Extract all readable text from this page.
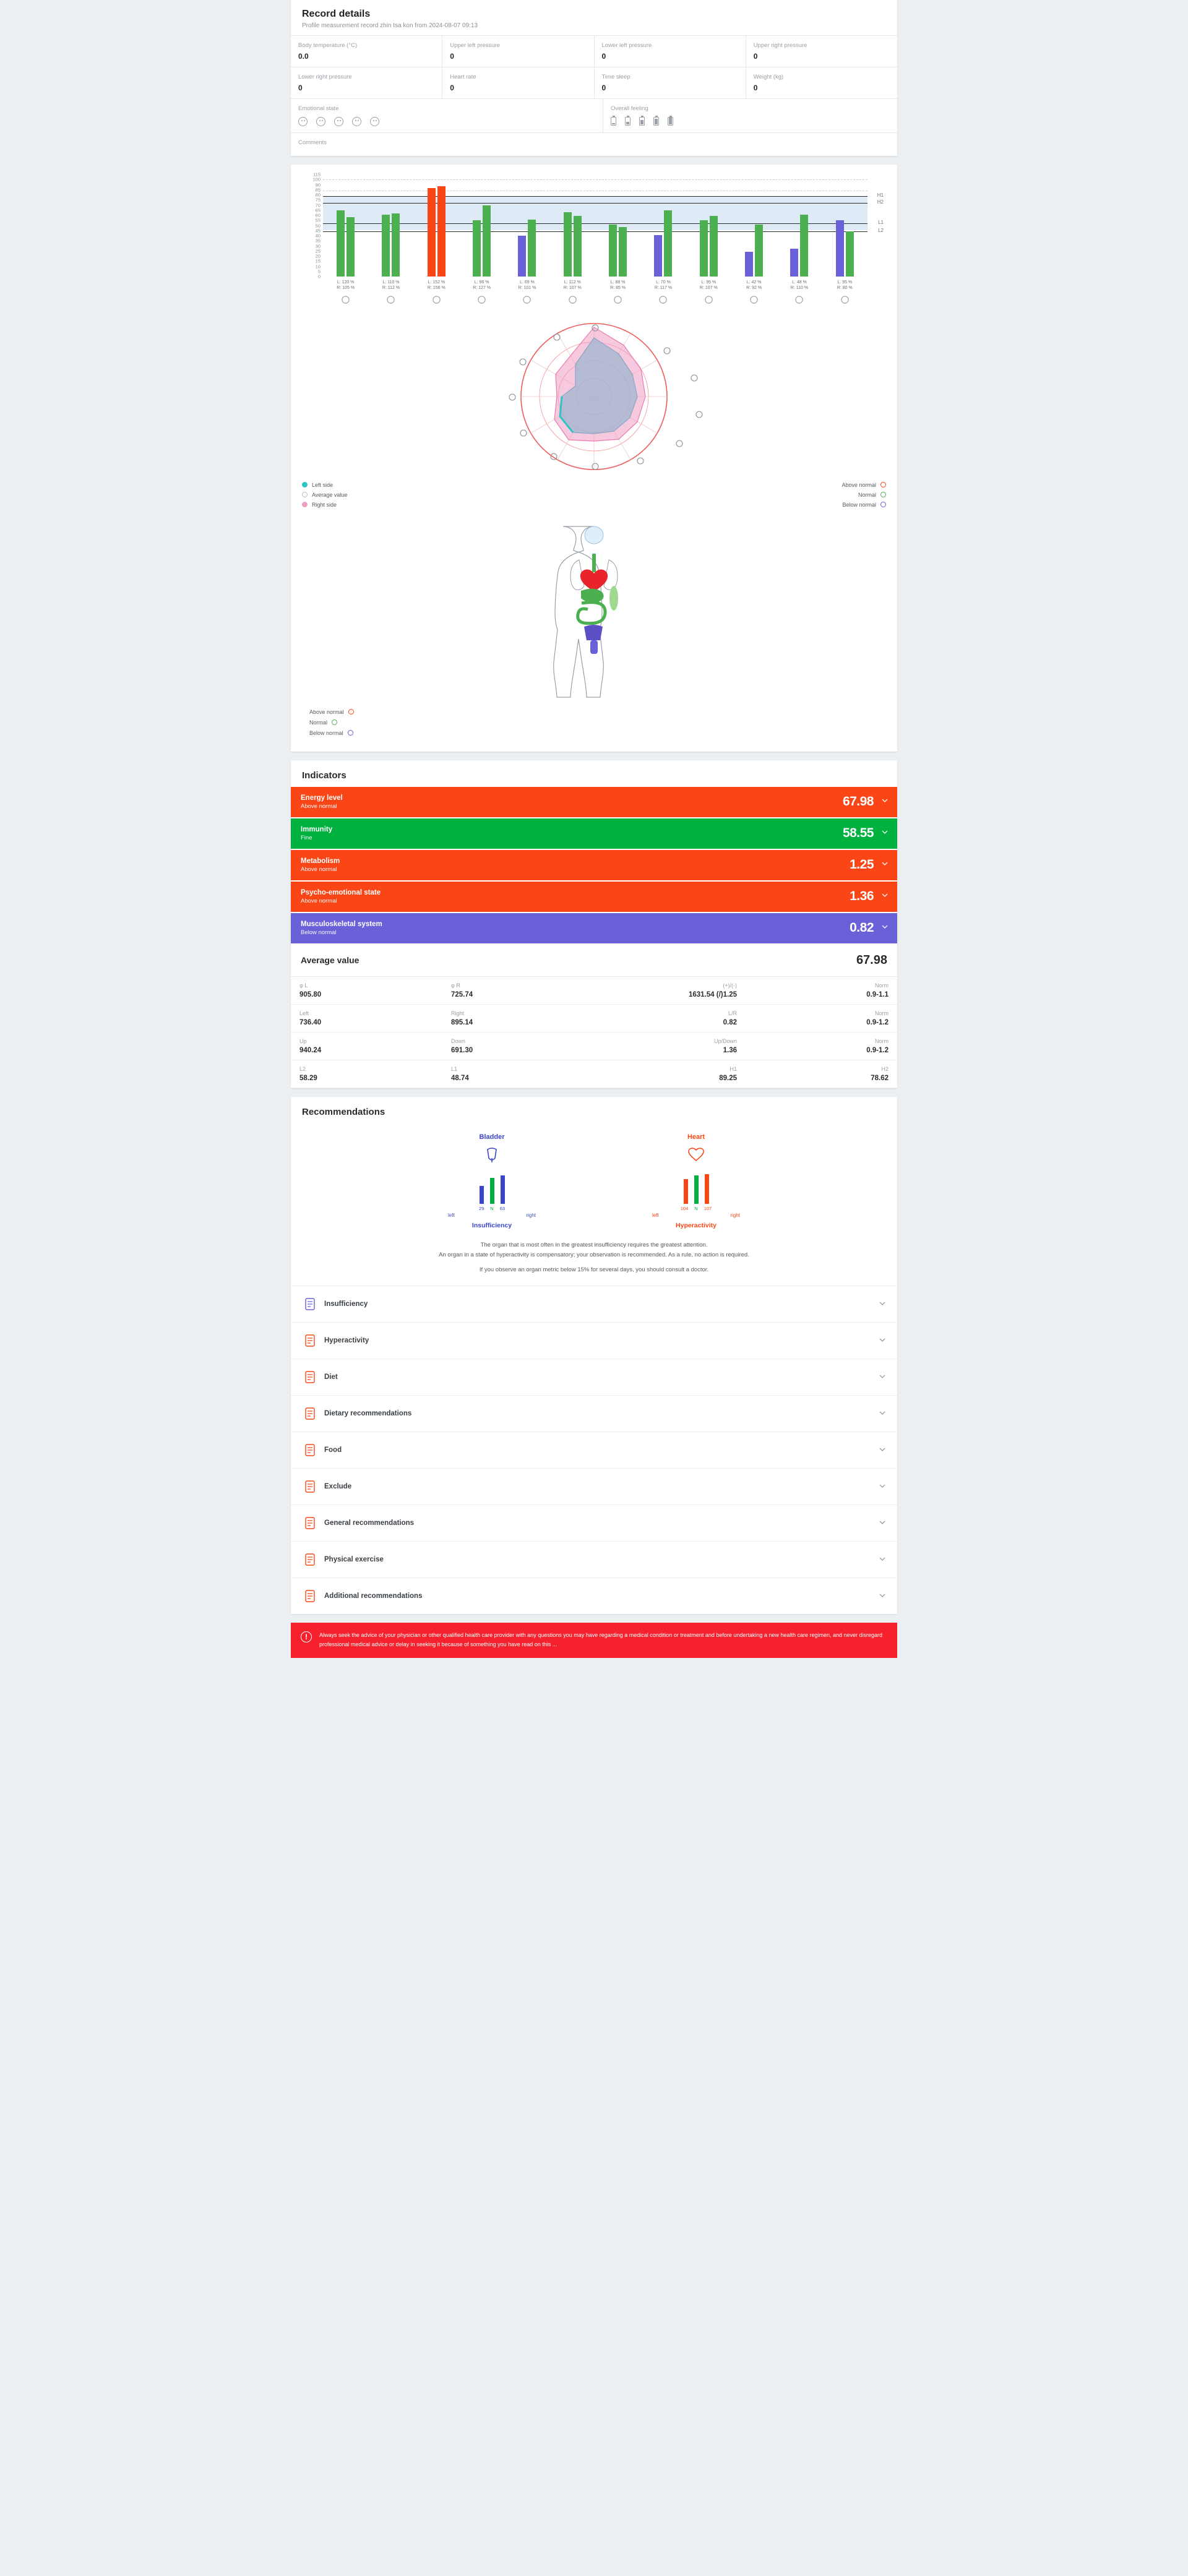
Record details
Profile measurement record zhin tsa kon from 2024-08-07 09:13
Body temperature (°C)
0.0
Upper left pressure
0
Lower left pressure
0
Upper right pressure
0
Lower right pressure
0
Heart rate
0
Time sleep
0
Weight (kg)
0
Emotional state	Overall feeling
Comments
115
100
90
85
80
75
70
65
60
55
50
45
40
35
30
25
20
15
10
5
0
H2
H1
L1
L2
L: 120 %
R: 105 %
L: 110 %
R: 112 %
L: 152 %
R: 156 %
L: 96 %
R: 127 %
L: 69 %
R: 101 %
L: 112 %
R: 107 %
L: 88 %
R: 85 %
L: 70 %
R: 117 %
L: 95 %
R: 107 %
L: 42 %
R: 92 %
L: 48 %
R: 110 %
L: 95 %
R: 80 %
Left side
Average value
Right side
Above normal
Normal
Below normal
Above normal
Normal
Below normal
Indicators
Energy level
Above normal	67.98
Immunity
Fine	58.55
Metabolism
Above normal	1.25
Psycho-emotional state
Above normal	1.36
Musculoskeletal system
Below normal	0.82
Average value	67.98
φ L
905.80
φ R
725.74
(+)/(-)
1631.54 (/)1.25
Norm
0.9-1.1
Left
736.40
Right
895.14
L/R
0.82
Norm
0.9-1.2
Up
940.24
Down
691.30
Up/Down
1.36
Norm
0.9-1.2
L2
58.29
L1
48.74
H1
89.25
H2
78.62
Recommendations
Bladder
29 N 63
left	right
Insufficiency
Heart
104 N 107
left	right
Hyperactivity
The organ that is most often in the greatest insufficiency requires the greatest attention.
An organ in a state of hyperactivity is compensatory; your observation is recommended. As a rule, no action is required.
If you observe an organ metric below 15% for several days, you should consult a doctor.
Insufficiency
Hyperactivity
Diet
Dietary recommendations
Food
Exclude
General recommendations
Physical exercise
Additional recommendations
!	Always seek the advice of your physician or other qualified health care provider with any questions you may have regarding a medical condition or treatment and before undertaking a new health care regimen, and never disregard professional medical advice or delay in seeking it because of something you have read on this ...
